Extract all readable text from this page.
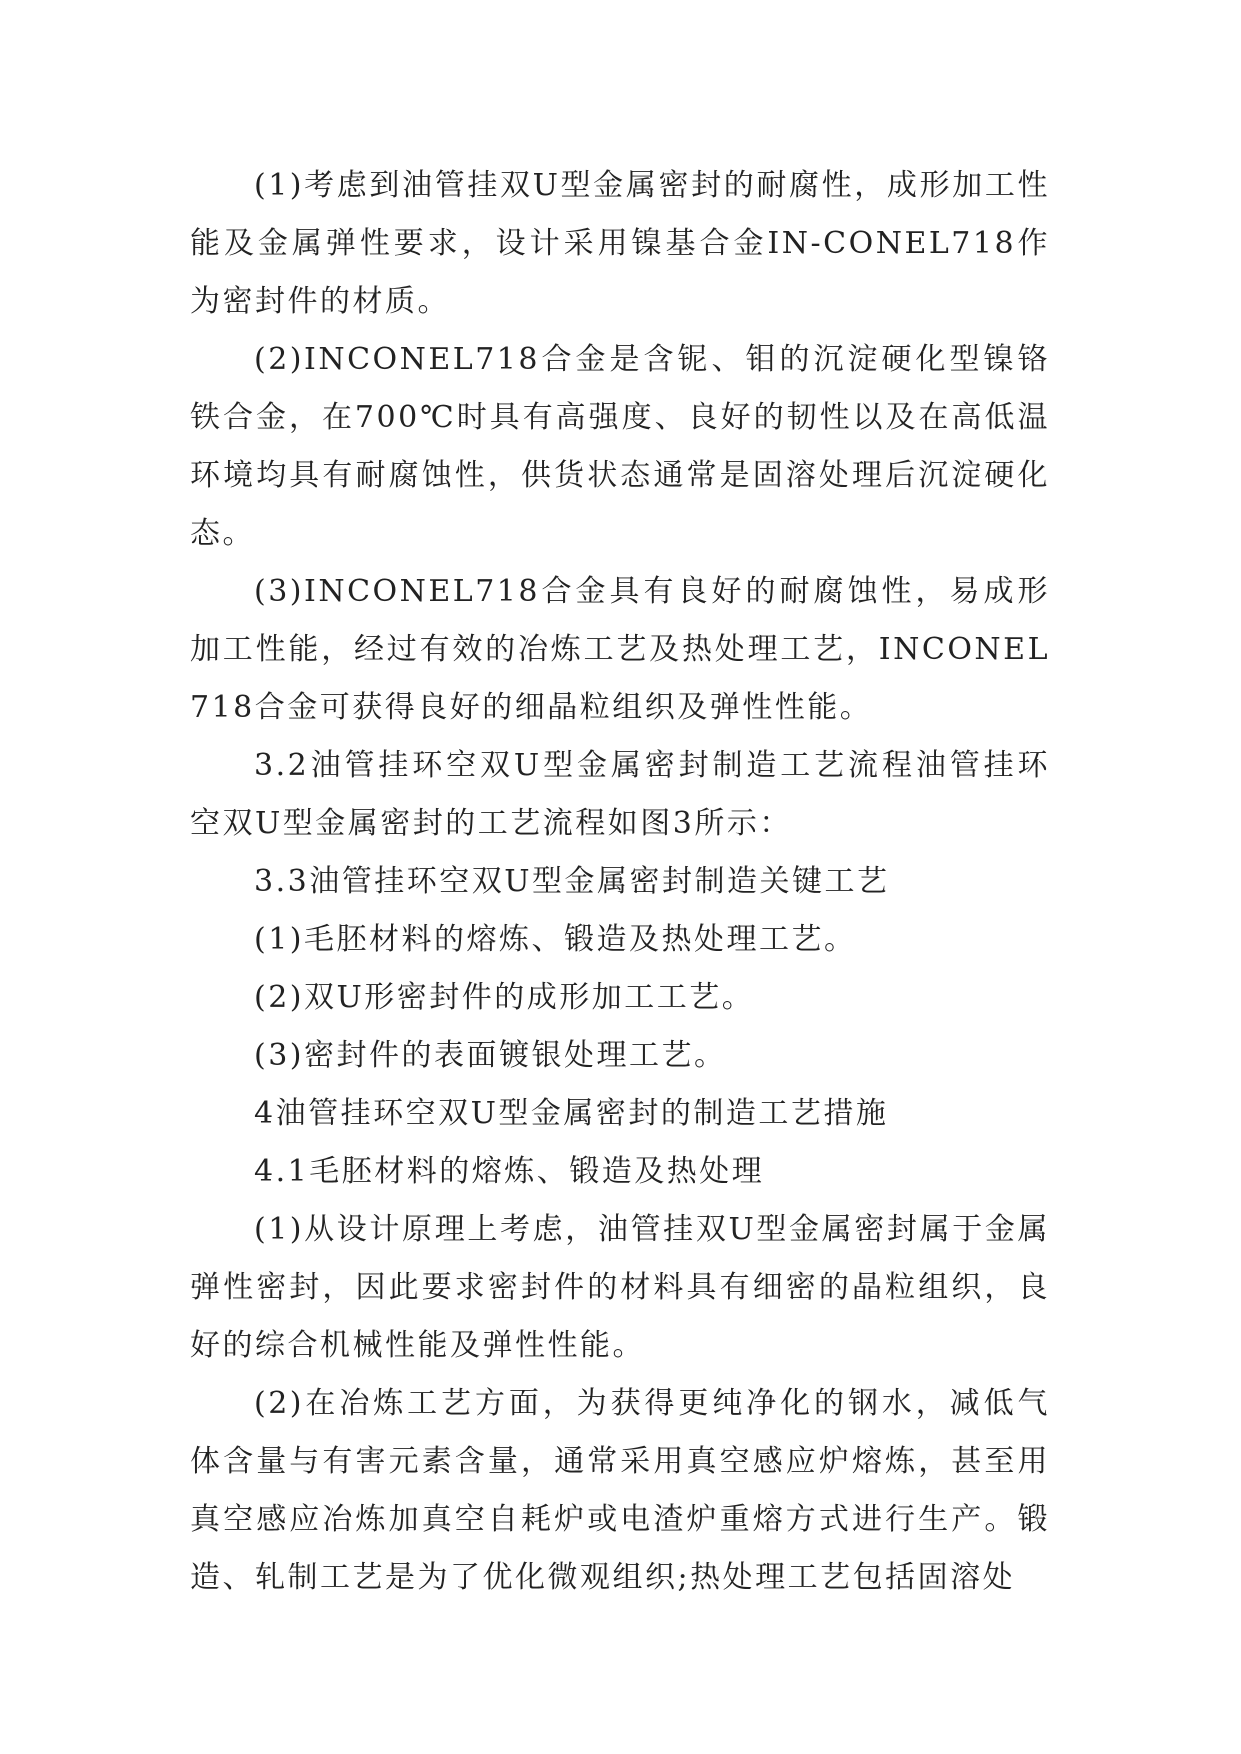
(1)考虑到油管挂双U型金属密封的耐腐性，成形加工性能及金属弹性要求，设计采用镍基合金IN-CONEL718作为密封件的材质。

(2)INCONEL718合金是含铌、钼的沉淀硬化型镍铬铁合金，在700℃时具有高强度、良好的韧性以及在高低温环境均具有耐腐蚀性，供货状态通常是固溶处理后沉淀硬化态。

(3)INCONEL718合金具有良好的耐腐蚀性，易成形加工性能，经过有效的冶炼工艺及热处理工艺，INCONEL718合金可获得良好的细晶粒组织及弹性性能。

3.2油管挂环空双U型金属密封制造工艺流程油管挂环空双U型金属密封的工艺流程如图3所示：

3.3油管挂环空双U型金属密封制造关键工艺

(1)毛胚材料的熔炼、锻造及热处理工艺。

(2)双U形密封件的成形加工工艺。

(3)密封件的表面镀银处理工艺。

4油管挂环空双U型金属密封的制造工艺措施

4.1毛胚材料的熔炼、锻造及热处理

(1)从设计原理上考虑，油管挂双U型金属密封属于金属弹性密封，因此要求密封件的材料具有细密的晶粒组织，良好的综合机械性能及弹性性能。

(2)在冶炼工艺方面，为获得更纯净化的钢水，减低气体含量与有害元素含量，通常采用真空感应炉熔炼，甚至用真空感应冶炼加真空自耗炉或电渣炉重熔方式进行生产。锻造、轧制工艺是为了优化微观组织;热处理工艺包括固溶处
